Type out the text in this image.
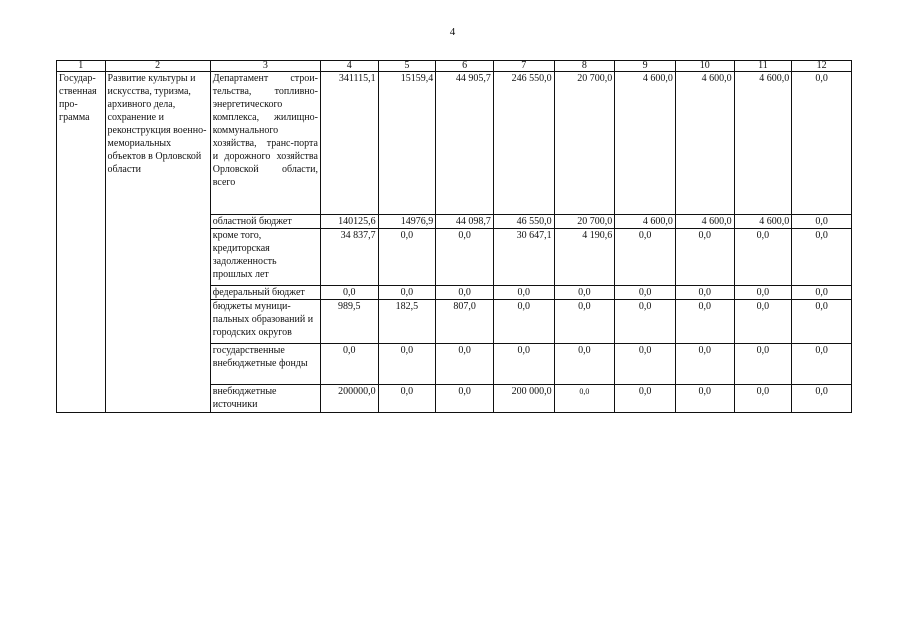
4
1	2	3	4	5	6	7	8	9	10	11	12
Государ-ственная про-грамма	Развитие культуры и искусства, туризма, архивного дела, сохранение и реконструкция военно-мемориальных объектов в Орловской области	Департамент строи-тельства, топливно-энергетического комплекса, жилищно-коммунального хозяйства, транс-порта и дорожного хозяйства Орловской области, всего	341115,1	15159,4	44 905,7	246 550,0	20 700,0	4 600,0	4 600,0	4 600,0	0,0
		областной бюджет	140125,6	14976,9	44 098,7	46 550,0	20 700,0	4 600,0	4 600,0	4 600,0	0,0
		кроме того, кредиторская задолженность прошлых лет	34 837,7	0,0	0,0	30 647,1	4 190,6	0,0	0,0	0,0	0,0
		федеральный бюджет	0,0	0,0	0,0	0,0	0,0	0,0	0,0	0,0	0,0
		бюджеты муници-пальных образований и городских округов	989,5	182,5	807,0	0,0	0,0	0,0	0,0	0,0	0,0
		государственные внебюджетные фонды	0,0	0,0	0,0	0,0	0,0	0,0	0,0	0,0	0,0
		внебюджетные источники	200000,0	0,0	0,0	200 000,0	0,0	0,0	0,0	0,0	0,0
